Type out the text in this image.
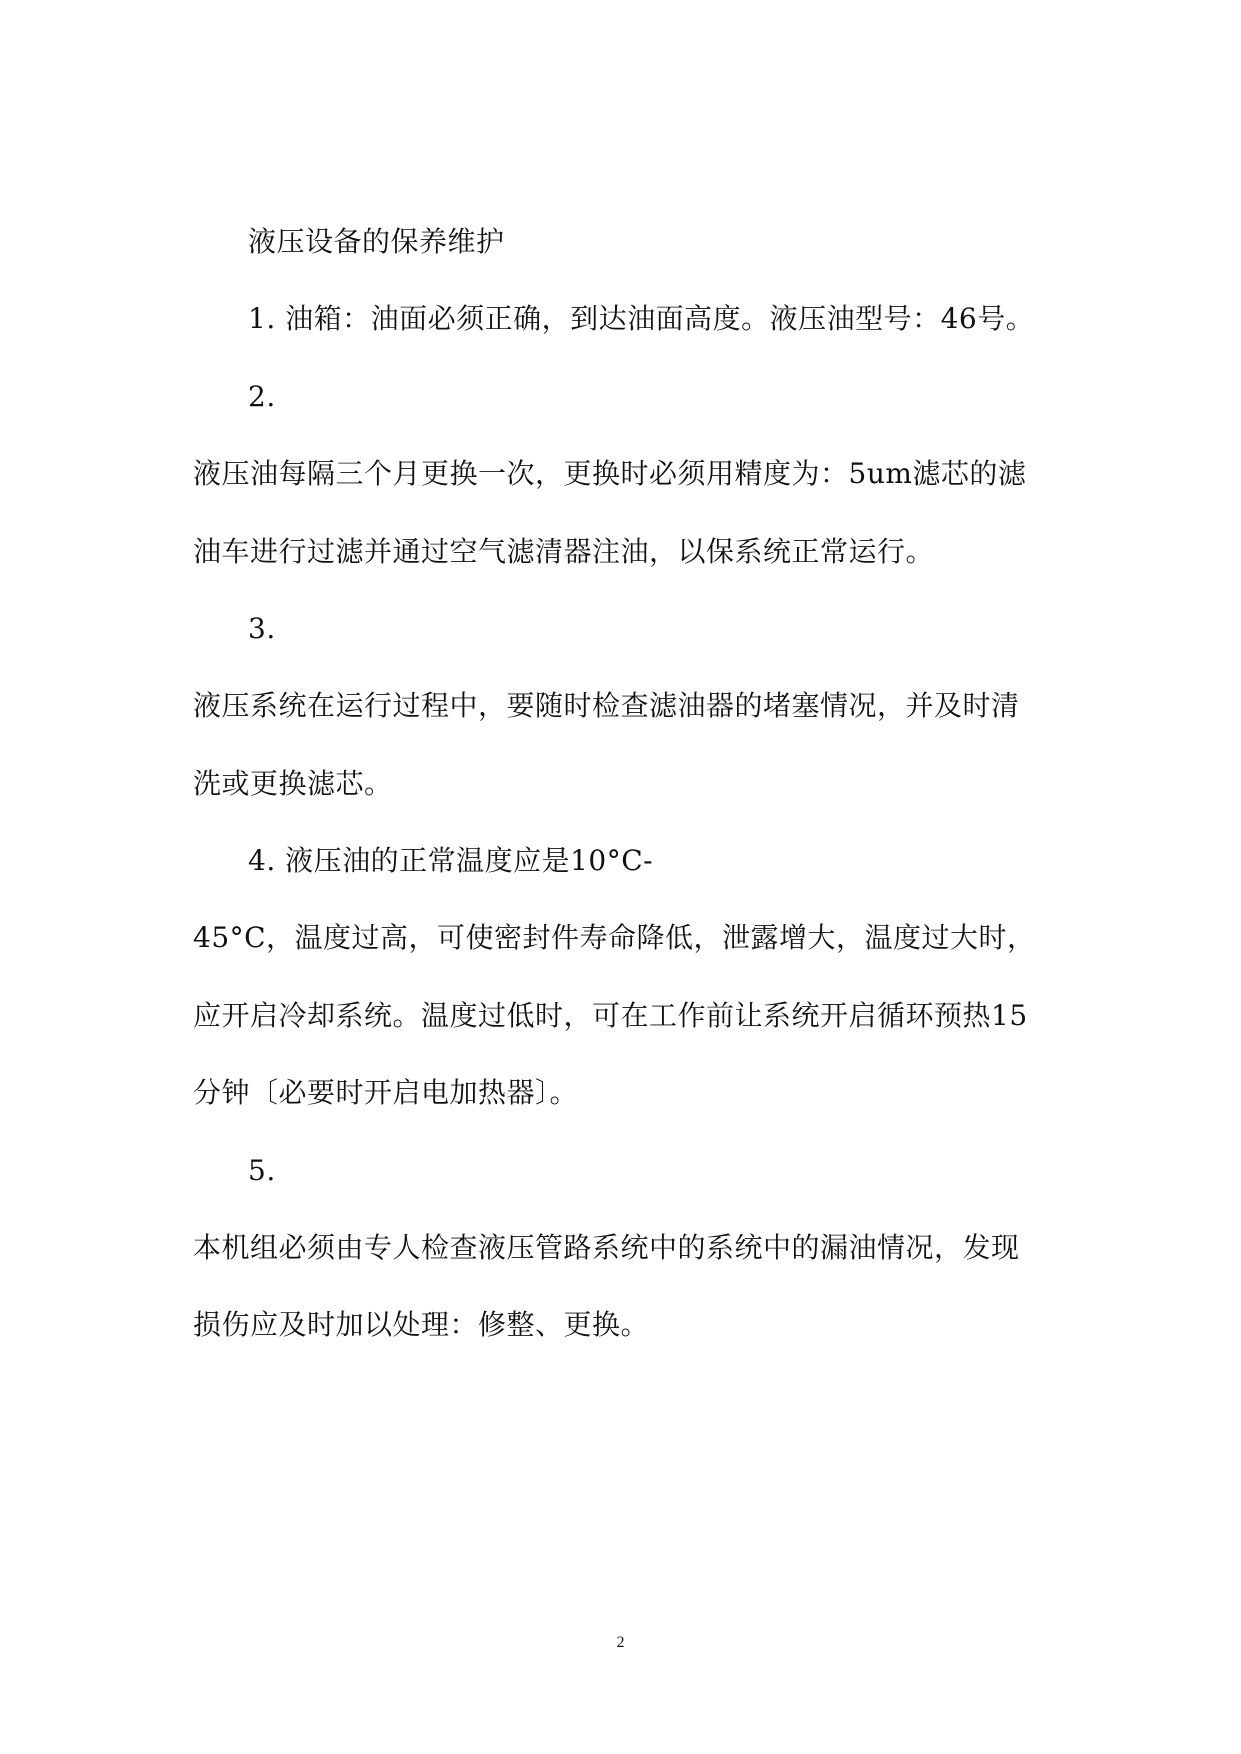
液压设备的保养维护
1. 油箱：油面必须正确，到达油面高度。液压油型号：46号。
2.
液压油每隔三个月更换一次，更换时必须用精度为：5um滤芯的滤
油车进行过滤并通过空气滤清器注油，以保系统正常运行。
3.
液压系统在运行过程中，要随时检查滤油器的堵塞情况，并及时清
洗或更换滤芯。
4. 液压油的正常温度应是10°C-
45°C，温度过高，可使密封件寿命降低，泄露增大，温度过大时，
应开启冷却系统。温度过低时，可在工作前让系统开启循环预热15
分钟〔必要时开启电加热器〕。
5.
本机组必须由专人检查液压管路系统中的系统中的漏油情况，发现
损伤应及时加以处理：修整、更换。
2
